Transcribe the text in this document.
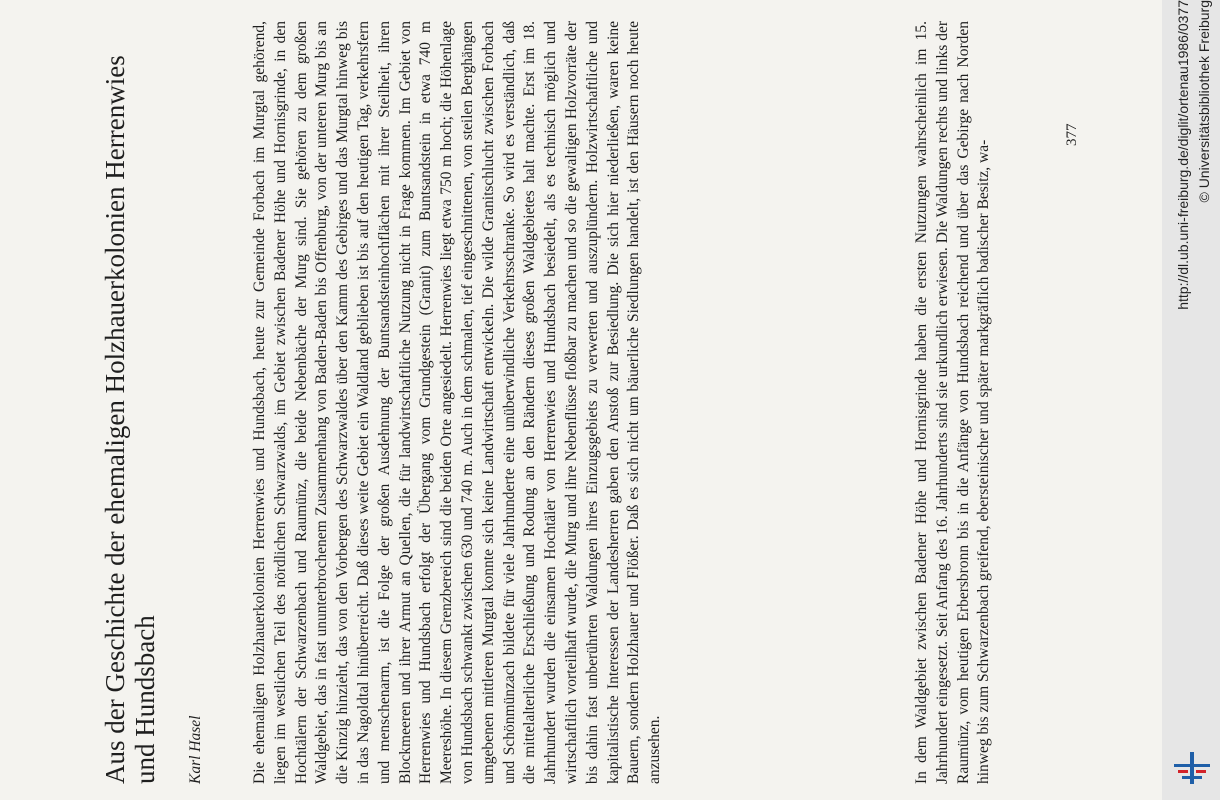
Aus der Geschichte der ehemaligen Holzhauerkolonien Herrenwies und Hundsbach Karl Hasel	Die ehemaligen Holzhauerkolonien Herrenwies und Hundsbach, heute zur Gemeinde Forbach im Murgtal gehörend, liegen im westlichen Teil des nördlichen Schwarzwalds, im Gebiet zwischen Badener Höhe und Hornisgrinde, in den Hochtälern der Schwarzenbach und Raumünz, die beide Nebenbäche der Murg sind. Sie gehören zu dem großen Waldgebiet, das in fast ununterbrochenem Zusammenhang von Baden-Baden bis Offenburg, von der unteren Murg bis an die Kinzig hinzieht, das von den Vorbergen des Schwarzwaldes über den Kamm des Gebirges und das Murgtal hinweg bis in das Nagoldtal hinüberreicht. Daß dieses weite Gebiet ein Waldland geblieben ist bis auf den heutigen Tag, verkehrsfern und menschenarm, ist die Folge der großen Ausdehnung der Buntsandsteinhochflächen mit ihrer Steilheit, ihren Blockmeeren und ihrer Armut an Quellen, die für landwirtschaftliche Nutzung nicht in Frage kommen. Im Gebiet von Herrenwies und Hundsbach erfolgt der Übergang vom Grundgestein (Granit) zum Buntsandstein in etwa 740 m Meereshöhe. In diesem Grenzbereich sind die beiden Orte angesiedelt. Herrenwies liegt etwa 750 m hoch; die Höhenlage von Hundsbach schwankt zwischen 630 und 740 m. Auch in dem schmalen, tief eingeschnittenen, von steilen Berghängen umgebenen mittleren Murgtal konnte sich keine Landwirtschaft entwickeln. Die wilde Granitschlucht zwischen Forbach und Schönmünzach bildete für viele Jahrhunderte eine unüberwindliche Verkehrsschranke. So wird es verständlich, daß die mittelalterliche Erschließung und Rodung an den Rändern dieses großen Waldgebietes halt machte. Erst im 18. Jahrhundert wurden die einsamen Hochtäler von Herrenwies und Hundsbach besiedelt, als es technisch möglich und wirtschaftlich vorteilhaft wurde, die Murg und ihre Nebenflüsse floßbar zu machen und so die gewaltigen Holzvorräte der bis dahin fast unberührten Waldungen ihres Einzugsgebiets zu verwerten und auszuplündern. Holzwirtschaftliche und kapitalistische Interessen der Landesherren gaben den Anstoß zur Besiedlung. Die sich hier niederließen, waren keine Bauern, sondern Holzhauer und Flößer. Daß es sich nicht um bäuerliche Siedlungen handelt, ist den Häusern noch heute anzusehen.	In dem Waldgebiet zwischen Badener Höhe und Hornisgrinde haben die ersten Nutzungen wahrscheinlich im 15. Jahrhundert eingesetzt. Seit Anfang des 16. Jahrhunderts sind sie urkundlich erwiesen. Die Waldungen rechts und links der Raumünz, vom heutigen Erbersbronn bis in die Anfänge von Hundsbach reichend und über das Gebirge nach Norden hinweg bis zum Schwarzenbach greifend, ebersteinischer und später markgräflich badischer Besitz, wa-

377	http://dl.ub.uni-freiburg.de/diglit/ortenau1986/0377 © Universitätsbibliothek Freiburg
